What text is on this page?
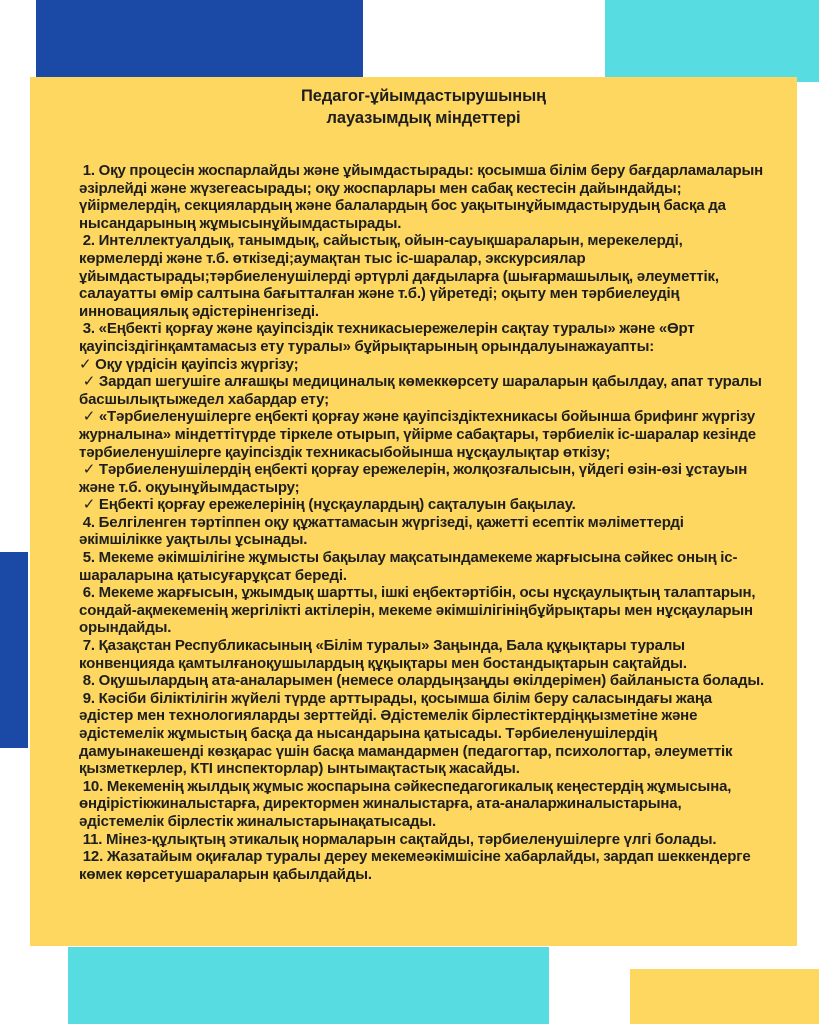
Педагог-ұйымдастырушының
лауазымдық міндеттері

1. Оқу процесін жоспарлайды және ұйымдастырады: қосымша білім беру бағдарламаларын әзірлейді және жүзегеасырады; оқу жоспарлары мен сабақ кестесін дайындайды; үйірмелердің, секциялардың және балалардың бос уақытынұйымдастырудың басқа да нысандарының жұмысынұйымдастырады.

2. Интеллектуалдық, танымдық, сайыстық, ойын-сауықшараларын, мерекелерді, көрмелерді және т.б. өткізеді;аумақтан тыс іс-шаралар, экскурсиялар ұйымдастырады;тәрбиеленушілерді әртүрлі дағдыларға (шығармашылық, әлеуметтік, салауатты өмір салтына бағытталған және т.б.) үйретеді; оқыту мен тәрбиелеудің инновациялық әдістеріненгізеді.

3. «Еңбекті қорғау және қауіпсіздік техникасыережелерін сақтау туралы» және «Өрт қауіпсіздігінқамтамасыз ету туралы» бұйрықтарының орындалуынажауапты:

✓ Оқу үрдісін қауіпсіз жүргізу;

✓ Зардап шегушіге алғашқы медициналық көмеккөрсету шараларын қабылдау, апат туралы басшылықтыжедел хабардар ету;

✓ «Тәрбиеленушілерге еңбекті қорғау және қауіпсіздіктехникасы бойынша брифинг жүргізу журналына» міндеттітүрде тіркеле отырып, үйірме сабақтары, тәрбиелік іс-шаралар кезінде тәрбиеленушілерге қауіпсіздік техникасыбойынша нұсқаулықтар өткізу;

✓ Тәрбиеленушілердің еңбекті қорғау ережелерін, жолқозғалысын, үйдегі өзін-өзі ұстауын және т.б. оқуынұйымдастыру;

✓ Еңбекті қорғау ережелерінің (нұсқаулардың) сақталуын бақылау.

4. Белгіленген тәртіппен оқу құжаттамасын жүргізеді, қажетті есептік мәліметтерді әкімшілікке уақтылы ұсынады.

5. Мекеме әкімшілігіне жұмысты бақылау мақсатындамекеме жарғысына сәйкес оның іс-шараларына қатысуғарұқсат береді.

6. Мекеме жарғысын, ұжымдық шартты, ішкі еңбектәртібін, осы нұсқаулықтың талаптарын, сондай-ақмекеменің жергілікті актілерін, мекеме әкімшілігініңбұйрықтары мен нұсқауларын орындайды.

7. Қазақстан Республикасының «Білім туралы» Заңында, Бала құқықтары туралы конвенцияда қамтылғаноқушылардың құқықтары мен бостандықтарын сақтайды.

8. Оқушылардың ата-аналарымен (немесе олардыңзаңды өкілдерімен) байланыста болады.

9. Кәсіби біліктілігін жүйелі түрде арттырады, қосымша білім беру саласындағы жаңа әдістер мен технологияларды зерттейді. Әдістемелік бірлестіктердіңқызметіне және әдістемелік жұмыстың басқа да нысандарына қатысады. Тәрбиеленушілердің дамуынакешенді көзқарас үшін басқа мамандармен (педагогтар, психологтар, әлеуметтік қызметкерлер, КТІ инспекторлар) ынтымақтастық жасайды.

10. Мекеменің жылдық жұмыс жоспарына сәйкеспедагогикалық кеңестердің жұмысына, өндірістікжиналыстарға, директормен жиналыстарға, ата-аналаржиналыстарына, әдістемелік бірлестік жиналыстарынақатысады.

11. Мінез-құлықтың этикалық нормаларын сақтайды, тәрбиеленушілерге үлгі болады.

12. Жазатайым оқиғалар туралы дереу мекемеәкімшісіне хабарлайды, зардап шеккендерге көмек көрсетушараларын қабылдайды.
